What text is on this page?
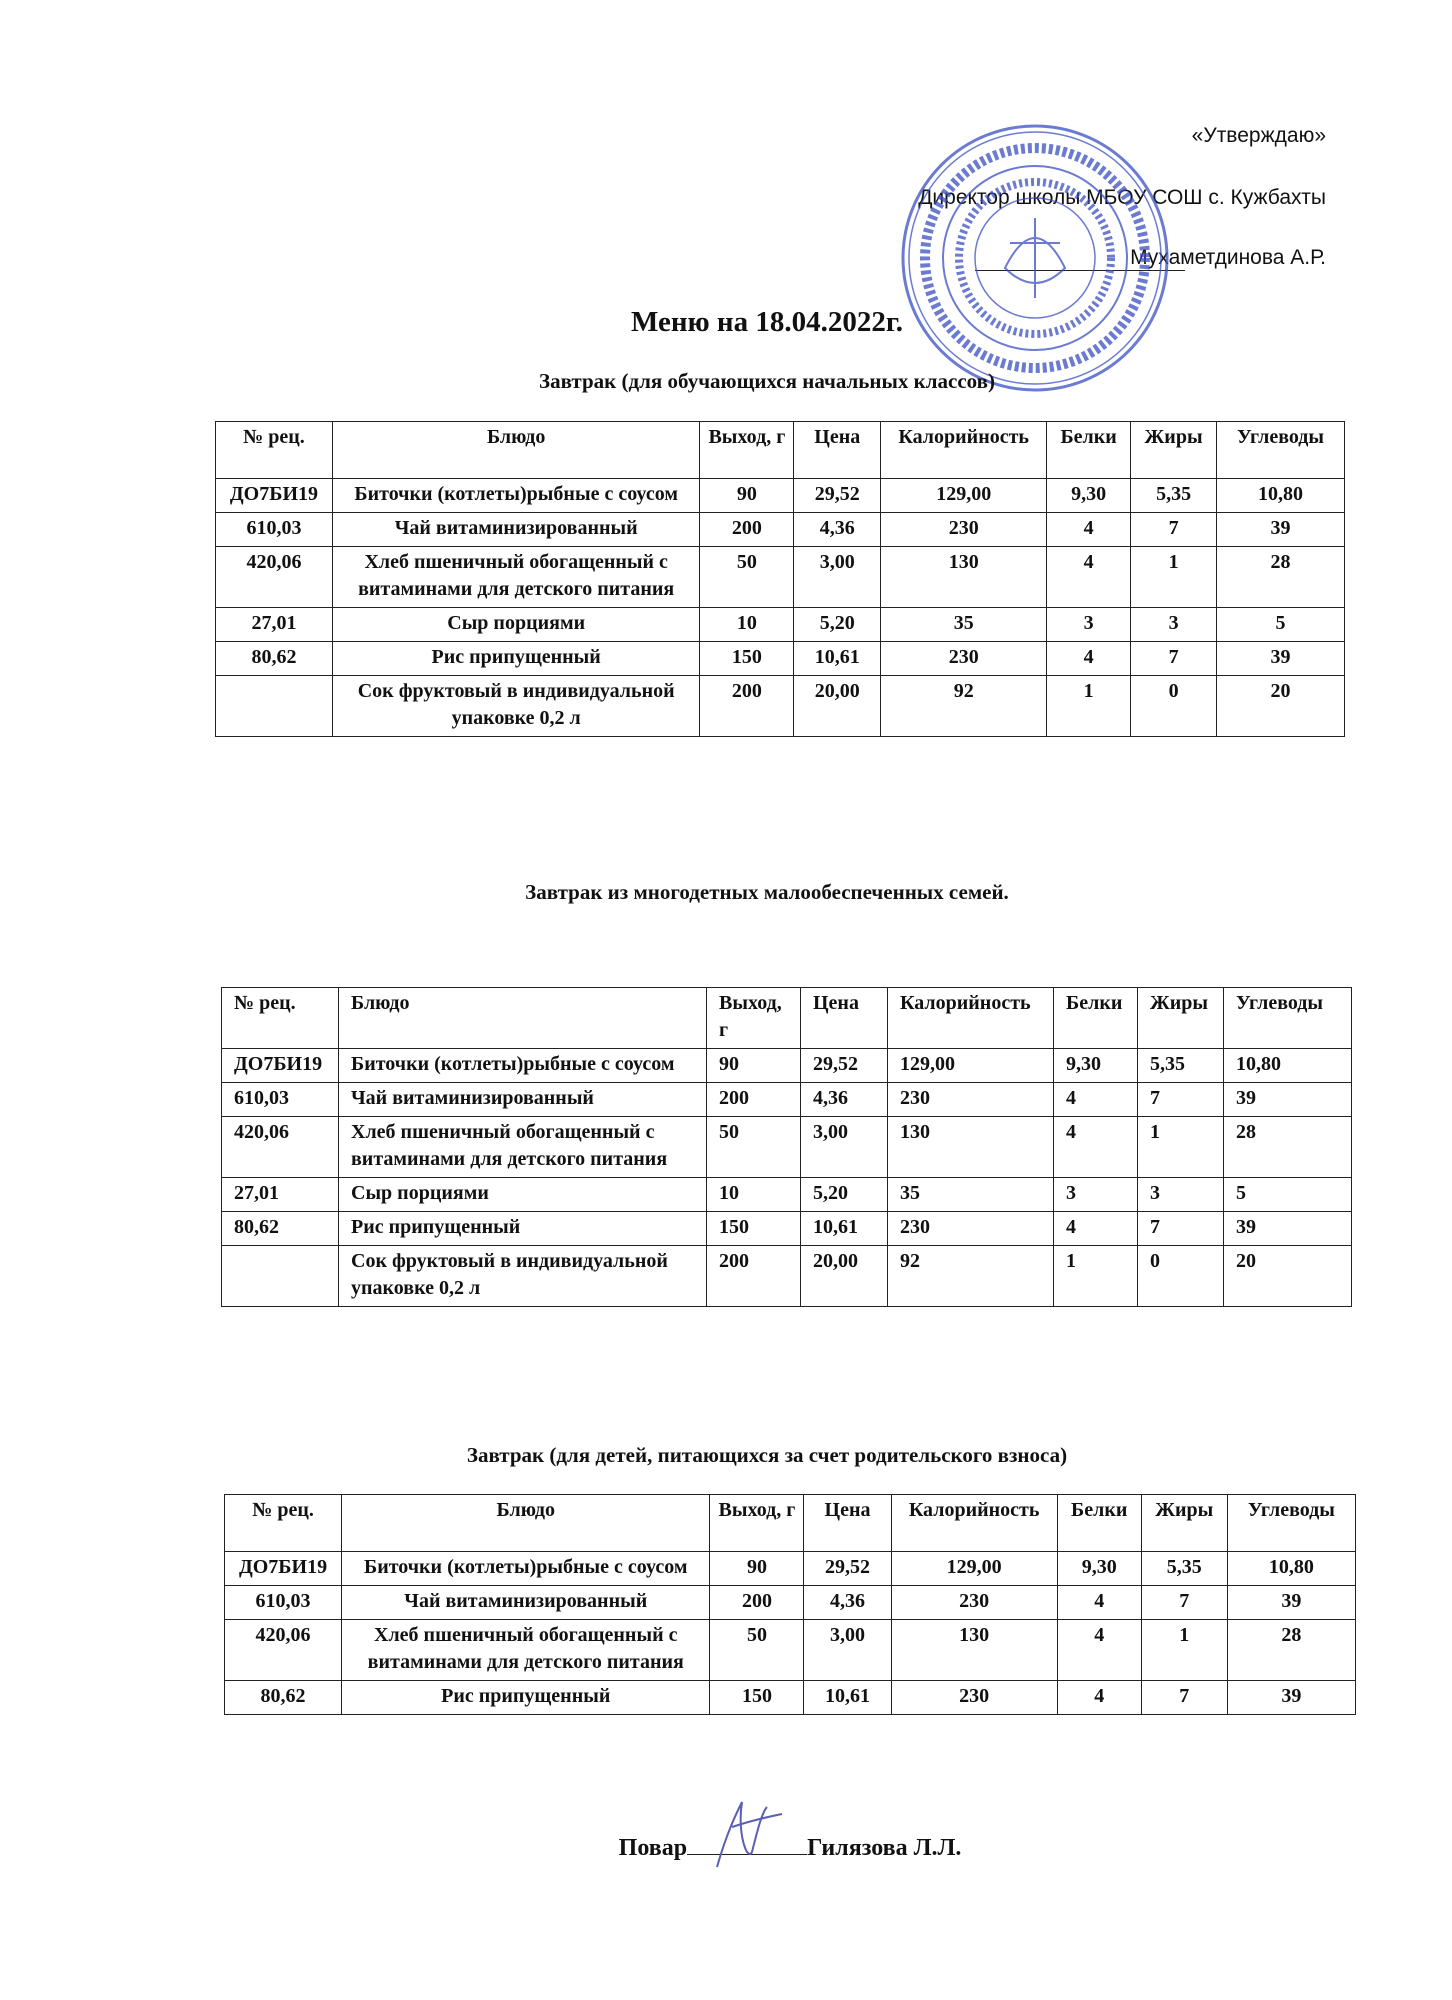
«Утверждаю»
Директор школы МБОУ СОШ с. Кужбахты
Мухаметдинова А.Р.
Меню на 18.04.2022г.
Завтрак (для обучающихся начальных классов)
№ рец.	Блюдо	Выход, г	Цена	Калорийность	Белки	Жиры	Углеводы
ДО7БИ19	Биточки (котлеты)рыбные с соусом	90	29,52	129,00	9,30	5,35	10,80
610,03	Чай витаминизированный	200	4,36	230	4	7	39
420,06	Хлеб пшеничный обогащенный с витаминами для детского питания	50	3,00	130	4	1	28
27,01	Сыр порциями	10	5,20	35	3	3	5
80,62	Рис припущенный	150	10,61	230	4	7	39
	Сок фруктовый в индивидуальной упаковке 0,2 л	200	20,00	92	1	0	20
Завтрак из многодетных малообеспеченных семей.
№ рец.	Блюдо	Выход, г	Цена	Калорийность	Белки	Жиры	Углеводы
ДО7БИ19	Биточки (котлеты)рыбные с соусом	90	29,52	129,00	9,30	5,35	10,80
610,03	Чай витаминизированный	200	4,36	230	4	7	39
420,06	Хлеб пшеничный обогащенный с витаминами для детского питания	50	3,00	130	4	1	28
27,01	Сыр порциями	10	5,20	35	3	3	5
80,62	Рис припущенный	150	10,61	230	4	7	39
	Сок фруктовый в индивидуальной упаковке 0,2 л	200	20,00	92	1	0	20
Завтрак (для детей, питающихся за счет родительского взноса)
№ рец.	Блюдо	Выход, г	Цена	Калорийность	Белки	Жиры	Углеводы
ДО7БИ19	Биточки (котлеты)рыбные с соусом	90	29,52	129,00	9,30	5,35	10,80
610,03	Чай витаминизированный	200	4,36	230	4	7	39
420,06	Хлеб пшеничный обогащенный с витаминами для детского питания	50	3,00	130	4	1	28
80,62	Рис припущенный	150	10,61	230	4	7	39
Повар	Гилязова Л.Л.
